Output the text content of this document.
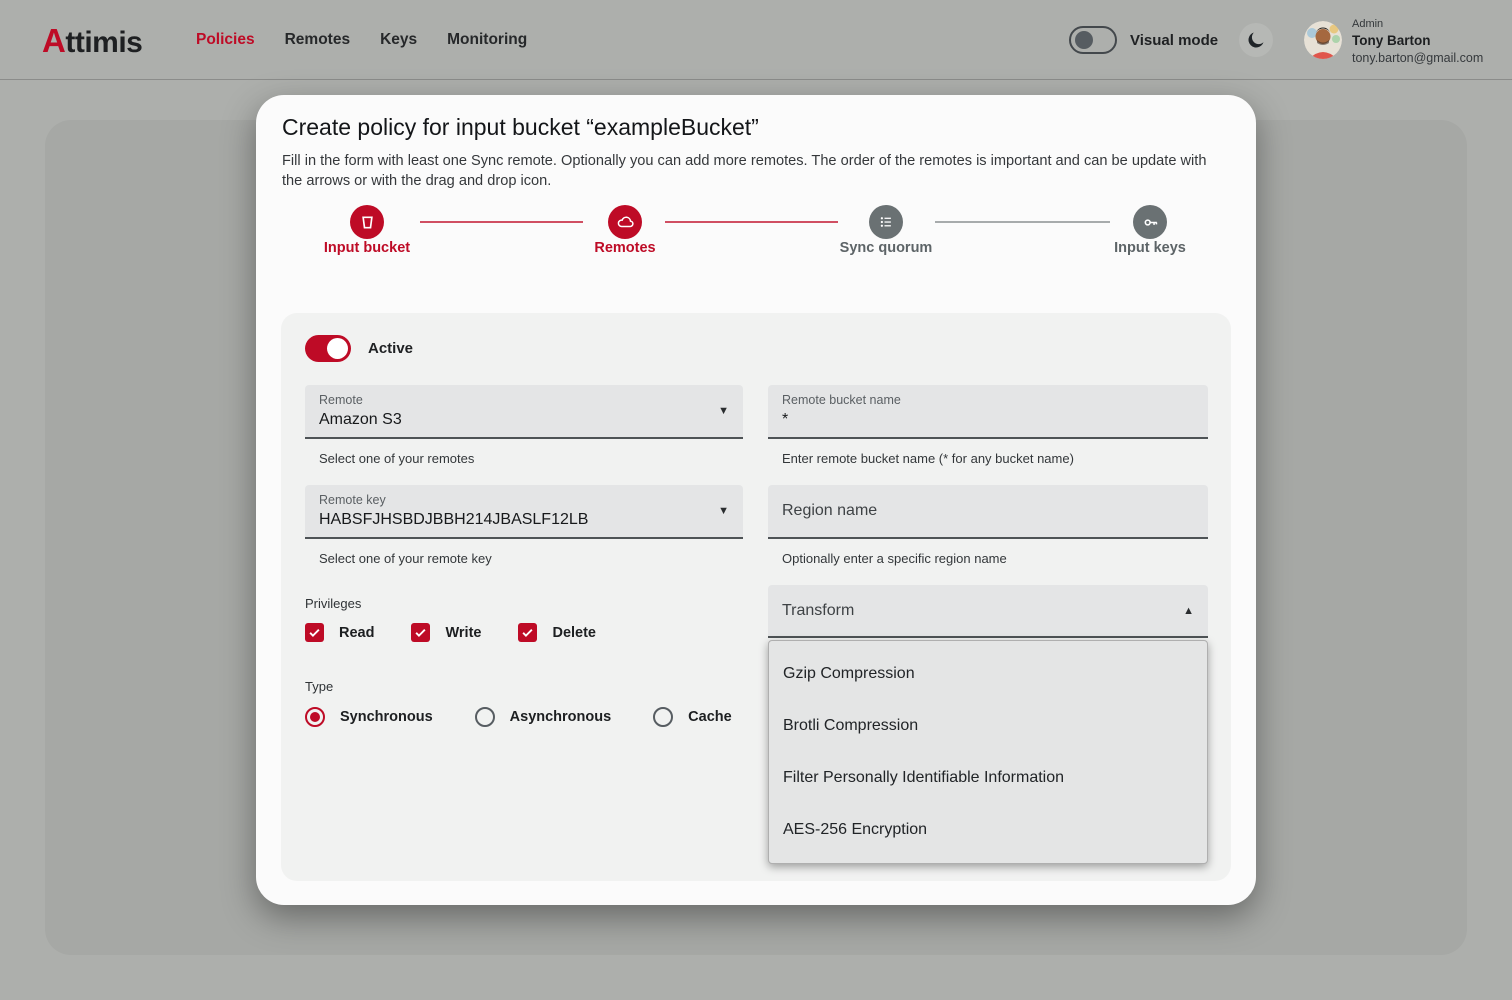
Attimis	Policies Remotes Keys Monitoring	Visual mode
Admin
Tony Barton
tony.barton@gmail.com
Create policy for input bucket “exampleBucket”
Fill in the form with least one Sync remote. Optionally you can add more remotes. The order of the remotes is important and can be update with the arrows or with the drag and drop icon.
Input bucket	Remotes	Sync quorum	Input keys
Active
Remote
Amazon S3	▼
Select one of your remotes
Remote bucket name
*
Enter remote bucket name (* for any bucket name)
Remote key
HABSFJHSBDJBBH214JBASLF12LB	▼
Select one of your remote key
Region name
Optionally enter a specific region name
Privileges
Read	Write	Delete
Type
Synchronous	Asynchronous	Cache
Transform	▲
Gzip Compression
Brotli Compression
Filter Personally Identifiable Information
AES-256 Encryption
